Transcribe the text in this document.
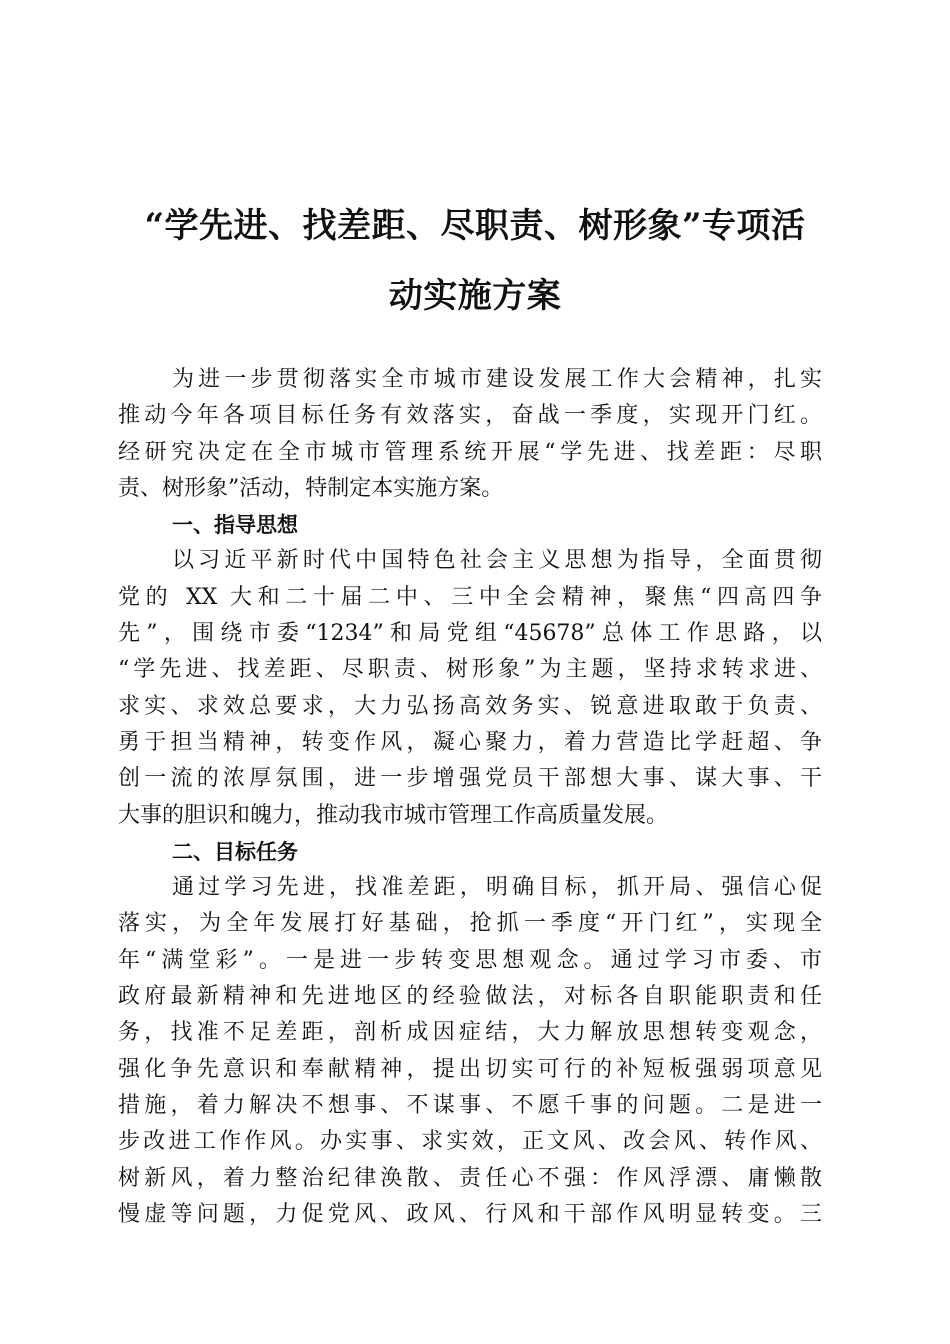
“学先进、找差距、尽职责、树形象”专项活
动实施方案
为进一步贯彻落实全市城市建设发展工作大会精神，扎实
推动今年各项目标任务有效落实，奋战一季度，实现开门红。
经研究决定在全市城市管理系统开展“学先进、找差距：尽职
责、树形象”活动，特制定本实施方案。
一、指导思想
以习近平新时代中国特色社会主义思想为指导，全面贯彻
党的 XX 大和二十届二中、三中全会精神，聚焦“四高四争
先”，围绕市委“1234”和局党组“45678”总体工作思路，以
“学先进、找差距、尽职责、树形象”为主题，坚持求转求进、
求实、求效总要求，大力弘扬高效务实、锐意进取敢于负责、
勇于担当精神，转变作风，凝心聚力，着力营造比学赶超、争
创一流的浓厚氛围，进一步增强党员干部想大事、谋大事、干
大事的胆识和魄力，推动我市城市管理工作高质量发展。
二、目标任务
通过学习先进，找准差距，明确目标，抓开局、强信心促
落实，为全年发展打好基础，抢抓一季度“开门红”，实现全
年“满堂彩”。一是进一步转变思想观念。通过学习市委、市
政府最新精神和先进地区的经验做法，对标各自职能职责和任
务，找准不足差距，剖析成因症结，大力解放思想转变观念，
强化争先意识和奉献精神，提出切实可行的补短板强弱项意见
措施，着力解决不想事、不谋事、不愿千事的问题。二是进一
步改进工作作风。办实事、求实效，正文风、改会风、转作风、
树新风，着力整治纪律涣散、责任心不强：作风浮漂、庸懒散
慢虚等问题，力促党风、政风、行风和干部作风明显转变。三
